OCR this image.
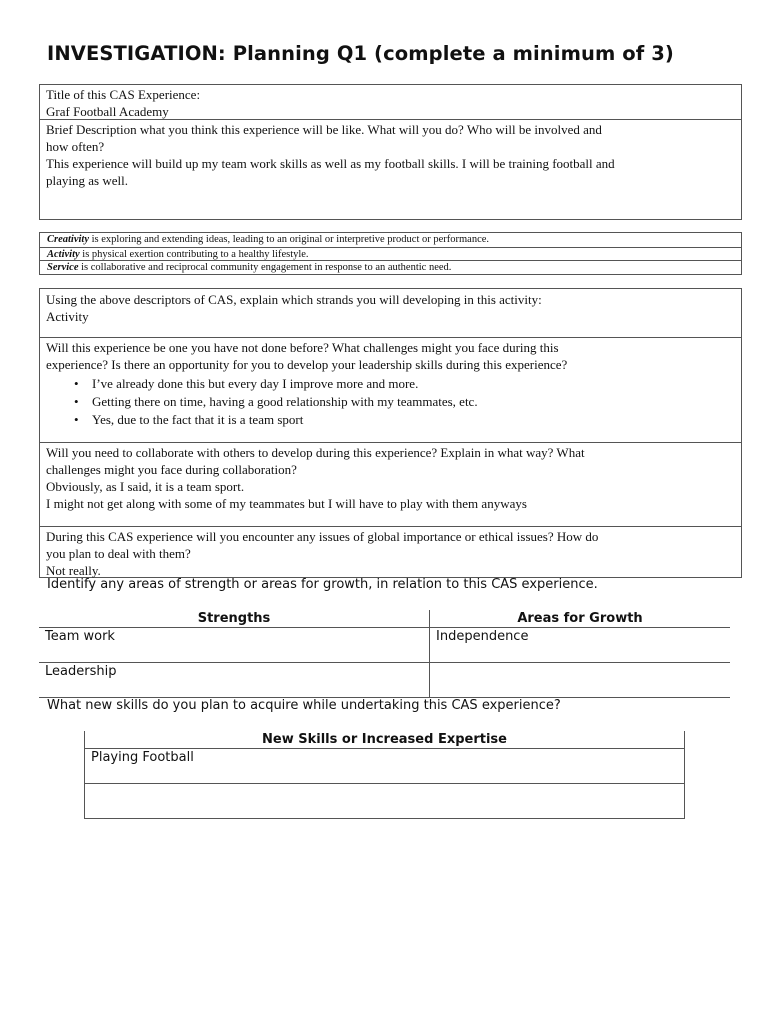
INVESTIGATION: Planning Q1 (complete a minimum of 3)
Title of this CAS Experience:
Graf Football Academy
Brief Description what you think this experience will be like. What will you do? Who will be involved and
how often?
This experience will build up my team work skills as well as my football skills. I will be training football and
playing as well.
Creativity is exploring and extending ideas, leading to an original or interpretive product or performance.
Activity is physical exertion contributing to a healthy lifestyle.
Service is collaborative and reciprocal community engagement in response to an authentic need.
Using the above descriptors of CAS, explain which strands you will developing in this activity:
Activity
Will this experience be one you have not done before? What challenges might you face during this
experience? Is there an opportunity for you to develop your leadership skills during this experience?
• I’ve already done this but every day I improve more and more.
• Getting there on time, having a good relationship with my teammates, etc.
• Yes, due to the fact that it is a team sport
Will you need to collaborate with others to develop during this experience? Explain in what way? What
challenges might you face during collaboration?
Obviously, as I said, it is a team sport.
I might not get along with some of my teammates but I will have to play with them anyways
During this CAS experience will you encounter any issues of global importance or ethical issues? How do
you plan to deal with them?
Not really.
Identify any areas of strength or areas for growth, in relation to this CAS experience.
Strengths	Areas for Growth
Team work	Independence
Leadership
What new skills do you plan to acquire while undertaking this CAS experience?
New Skills or Increased Expertise
Playing Football
